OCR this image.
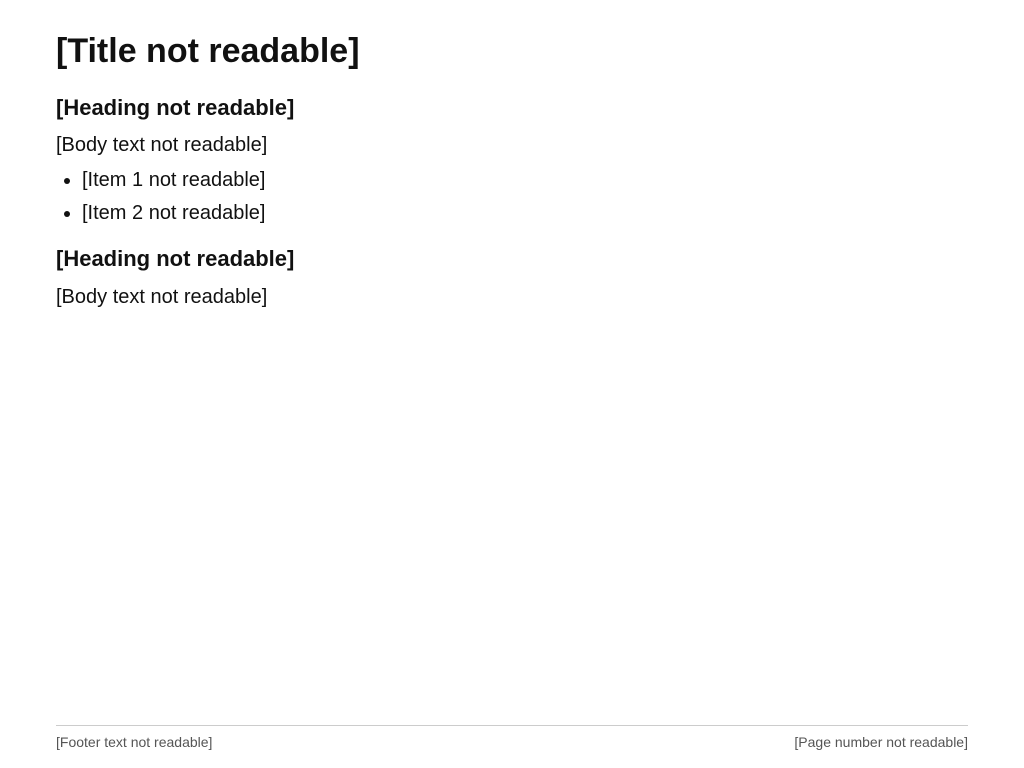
[Title not readable]
[Heading not readable]

[Body text not readable]

• [Item 1 not readable]
• [Item 2 not readable]
[Heading not readable]

[Body text not readable]

[Footer text not readable]	[Page number not readable]
